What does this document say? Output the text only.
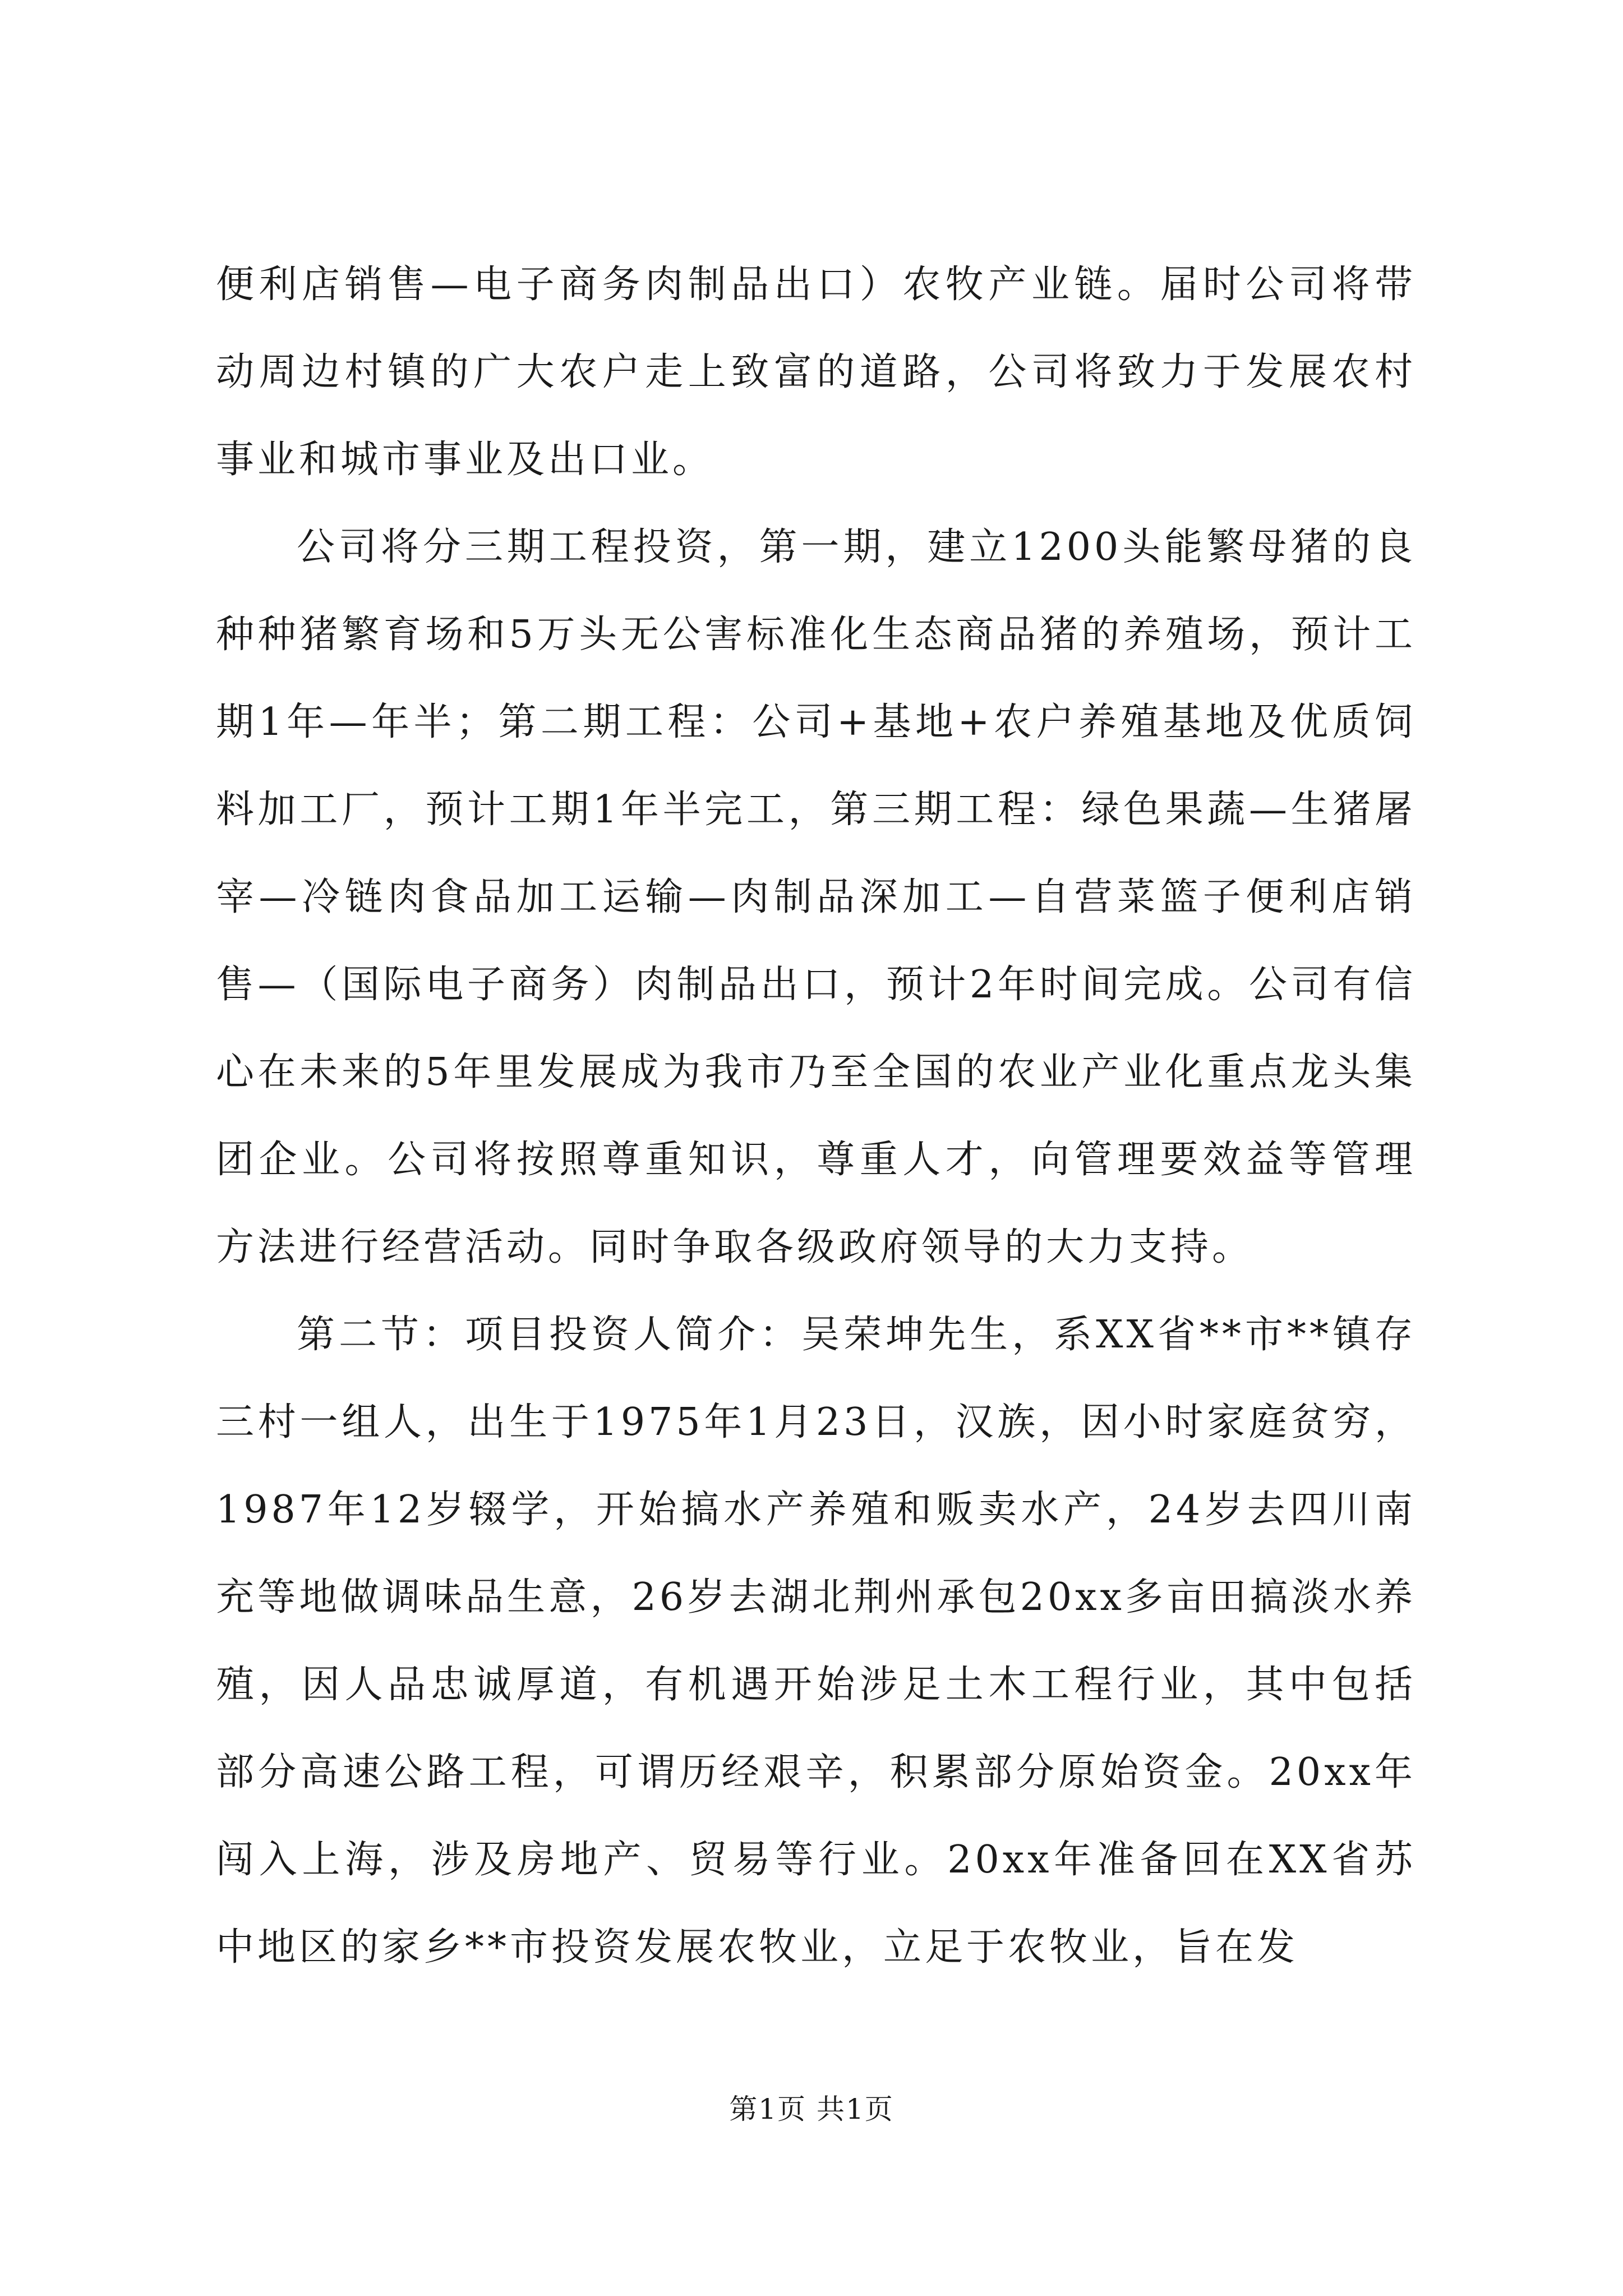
便利店销售—电子商务肉制品出口）农牧产业链。届时公司将带动周边村镇的广大农户走上致富的道路，公司将致力于发展农村事业和城市事业及出口业。

公司将分三期工程投资，第一期，建立1200头能繁母猪的良种种猪繁育场和5万头无公害标准化生态商品猪的养殖场，预计工期1年—年半；第二期工程：公司+基地+农户养殖基地及优质饲料加工厂，预计工期1年半完工，第三期工程：绿色果蔬—生猪屠宰—冷链肉食品加工运输—肉制品深加工—自营菜篮子便利店销售—（国际电子商务）肉制品出口，预计2年时间完成。公司有信心在未来的5年里发展成为我市乃至全国的农业产业化重点龙头集团企业。公司将按照尊重知识，尊重人才，向管理要效益等管理方法进行经营活动。同时争取各级政府领导的大力支持。

第二节：项目投资人简介：吴荣坤先生，系XX省**市**镇存三村一组人，出生于1975年1月23日，汉族，因小时家庭贫穷，1987年12岁辍学，开始搞水产养殖和贩卖水产，24岁去四川南充等地做调味品生意，26岁去湖北荆州承包20xx多亩田搞淡水养殖，因人品忠诚厚道，有机遇开始涉足土木工程行业，其中包括部分高速公路工程，可谓历经艰辛，积累部分原始资金。20xx年闯入上海，涉及房地产、贸易等行业。20xx年准备回在XX省苏中地区的家乡**市投资发展农牧业，立足于农牧业，旨在发

第1页 共1页
